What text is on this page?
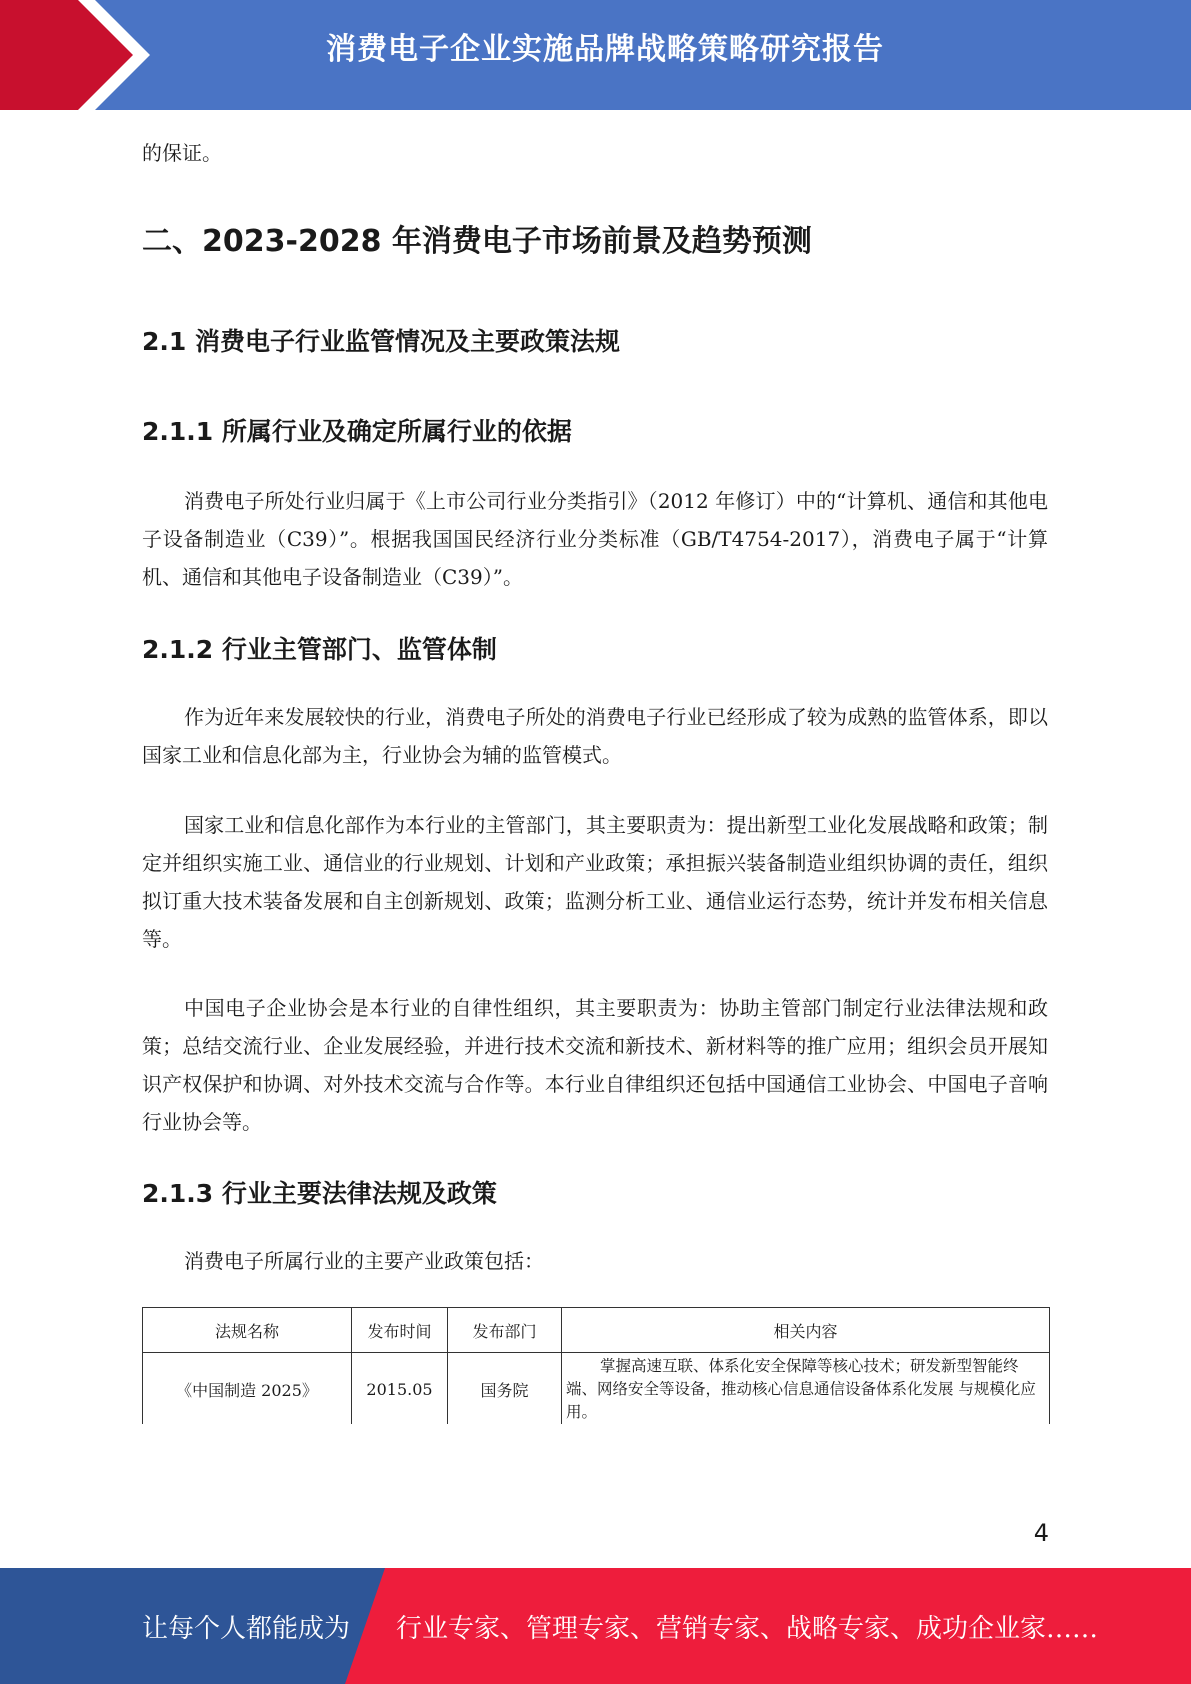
消费电子企业实施品牌战略策略研究报告

的保证。

二、2023-2028 年消费电子市场前景及趋势预测
2.1 消费电子行业监管情况及主要政策法规
2.1.1 所属行业及确定所属行业的依据

消费电子所处行业归属于《上市公司行业分类指引》（2012 年修订）中的“计算机、通信和其他电子设备制造业（C39）”。根据我国国民经济行业分类标准（GB/T4754-2017），消费电子属于“计算机、通信和其他电子设备制造业（C39）”。

2.1.2 行业主管部门、监管体制

作为近年来发展较快的行业，消费电子所处的消费电子行业已经形成了较为成熟的监管体系，即以国家工业和信息化部为主，行业协会为辅的监管模式。

国家工业和信息化部作为本行业的主管部门，其主要职责为：提出新型工业化发展战略和政策；制定并组织实施工业、通信业的行业规划、计划和产业政策；承担振兴装备制造业组织协调的责任，组织拟订重大技术装备发展和自主创新规划、政策；监测分析工业、通信业运行态势，统计并发布相关信息等。

中国电子企业协会是本行业的自律性组织，其主要职责为：协助主管部门制定行业法律法规和政策；总结交流行业、企业发展经验，并进行技术交流和新技术、新材料等的推广应用；组织会员开展知识产权保护和协调、对外技术交流与合作等。本行业自律组织还包括中国通信工业协会、中国电子音响行业协会等。

2.1.3 行业主要法律法规及政策

消费电子所属行业的主要产业政策包括：

法规名称	发布时间	发布部门	相关内容
《中国制造 2025》	2015.05	国务院	掌握高速互联、体系化安全保障等核心技术；研发新型智能终端、网络安全等设备，推动核心信息通信设备体系化发展 与规模化应用。
4
让每个人都能成为 行业专家、管理专家、营销专家、战略专家、成功企业家……
